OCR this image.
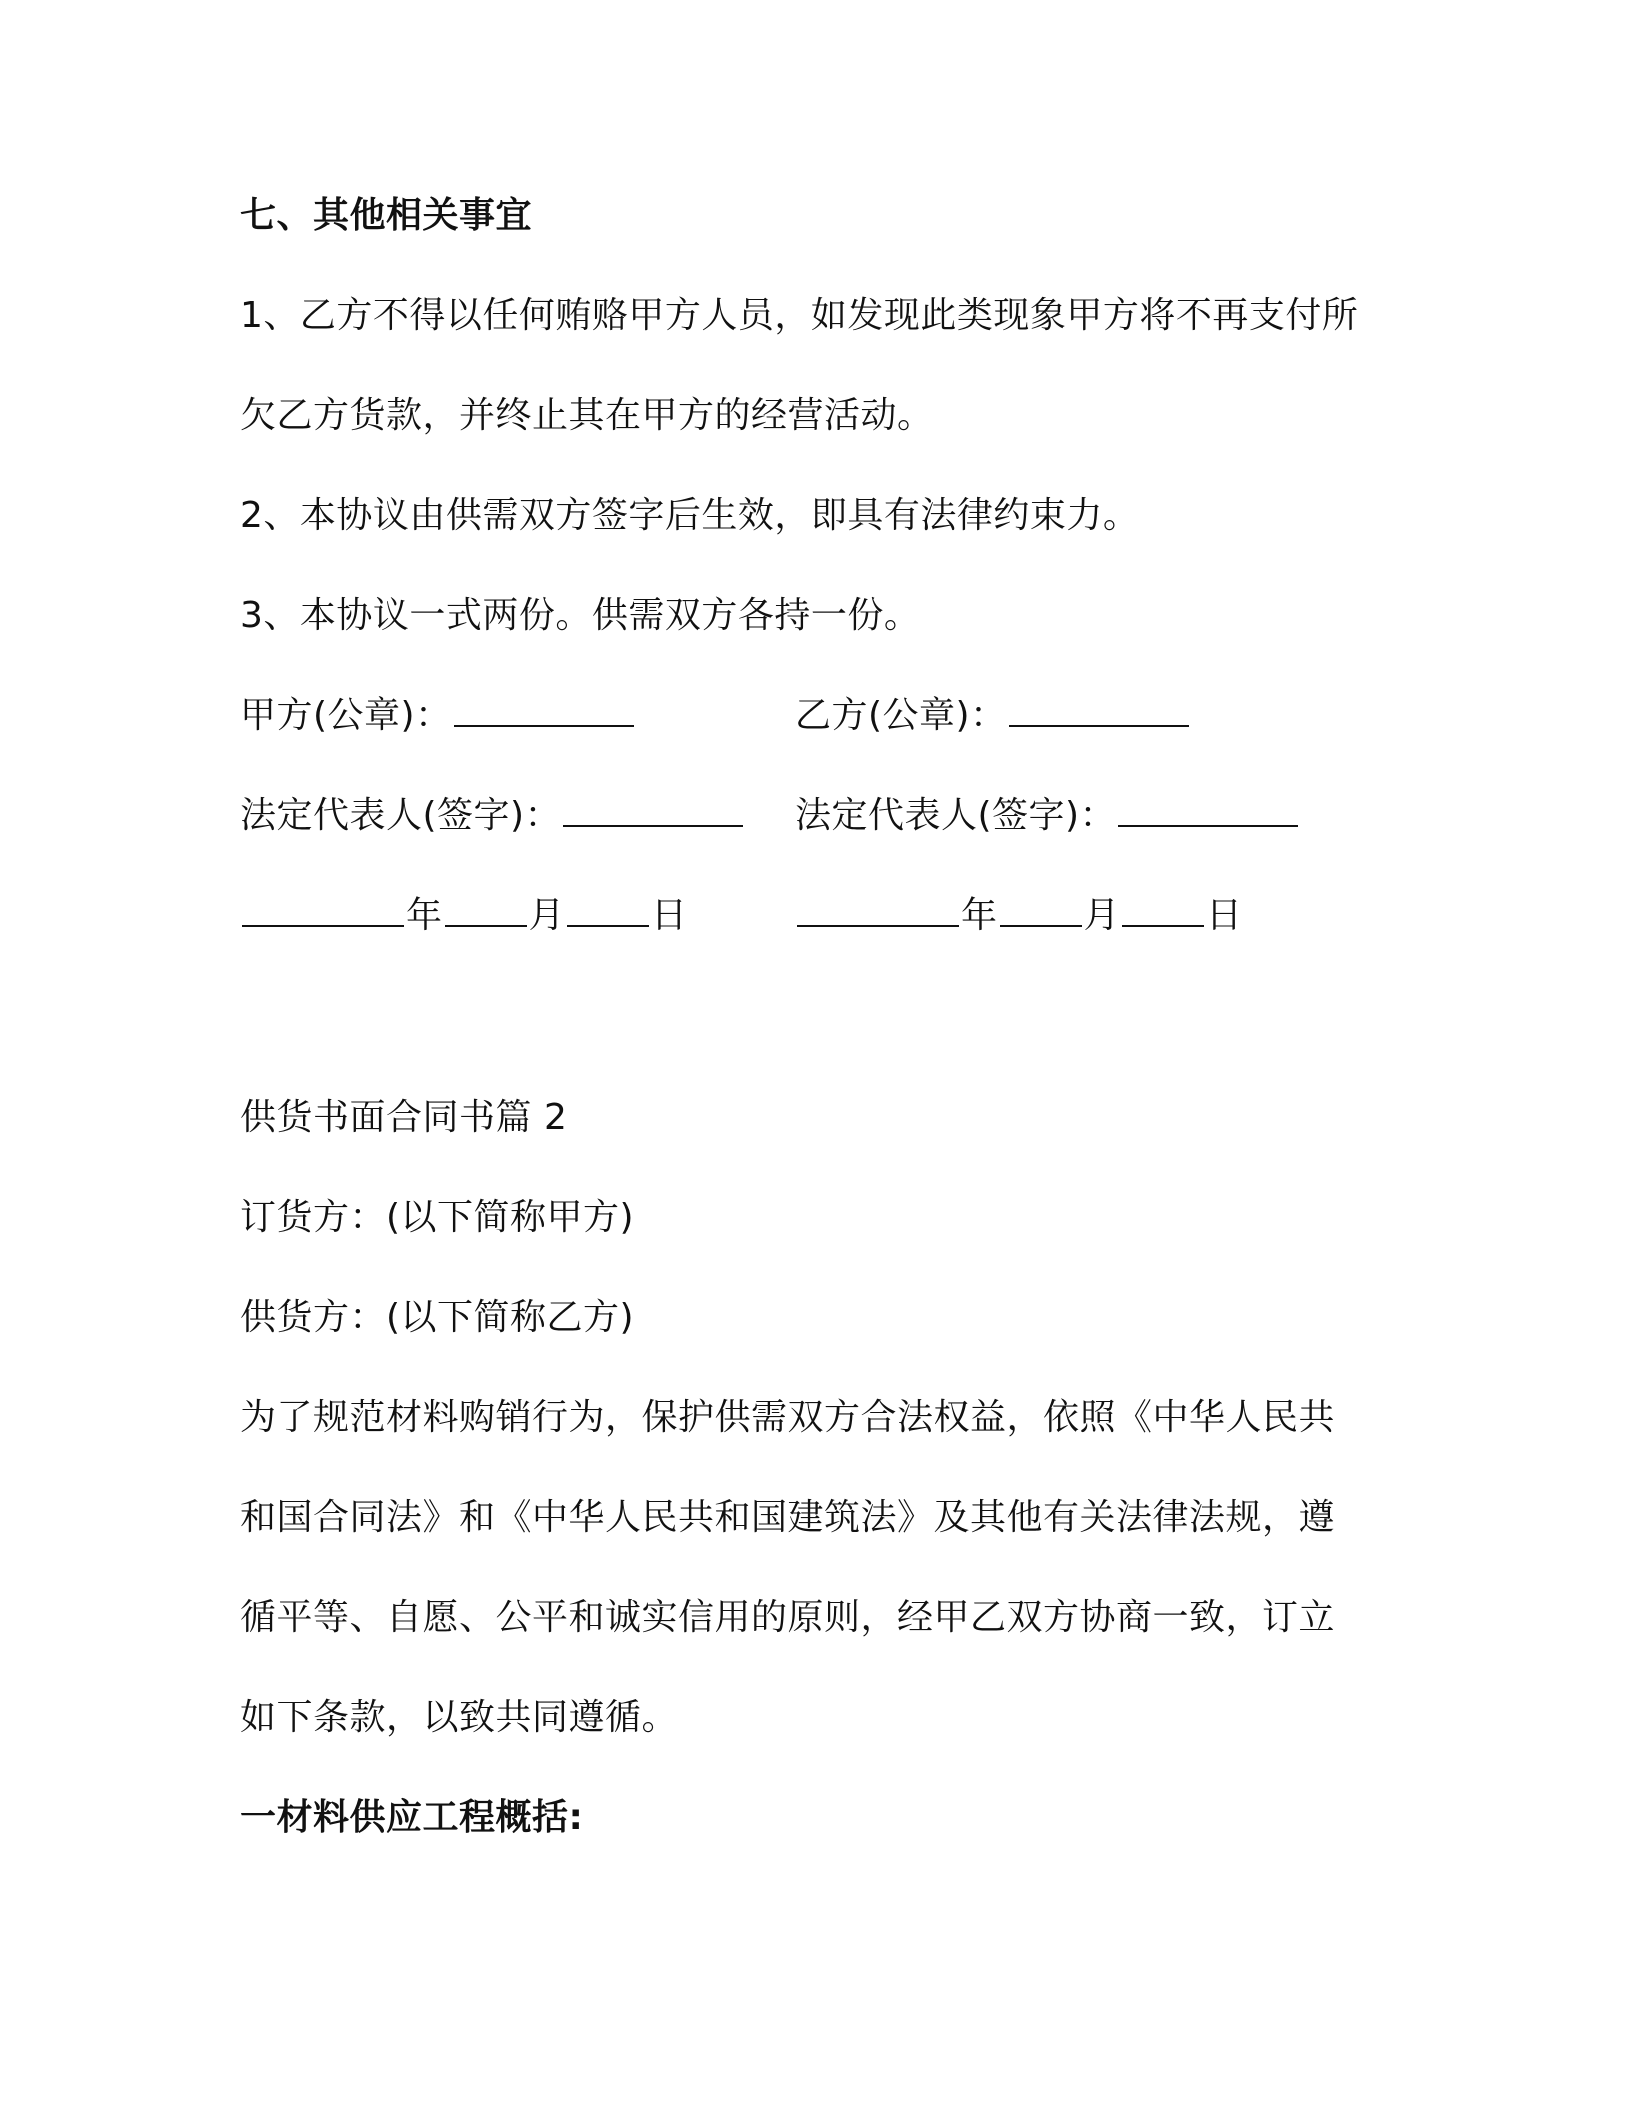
七、其他相关事宜
1、乙方不得以任何贿赂甲方人员，如发现此类现象甲方将不再支付所
欠乙方货款，并终止其在甲方的经营活动。
2、本协议由供需双方签字后生效，即具有法律约束力。
3、本协议一式两份。供需双方各持一份。
甲方(公章)：	乙方(公章)：
法定代表人(签字)：	法定代表人(签字)：
年 月 日	年 月 日
供货书面合同书篇 2
订货方：(以下简称甲方)
供货方：(以下简称乙方)
为了规范材料购销行为，保护供需双方合法权益，依照《中华人民共
和国合同法》和《中华人民共和国建筑法》及其他有关法律法规，遵
循平等、自愿、公平和诚实信用的原则，经甲乙双方协商一致，订立
如下条款，以致共同遵循。
一材料供应工程概括:
